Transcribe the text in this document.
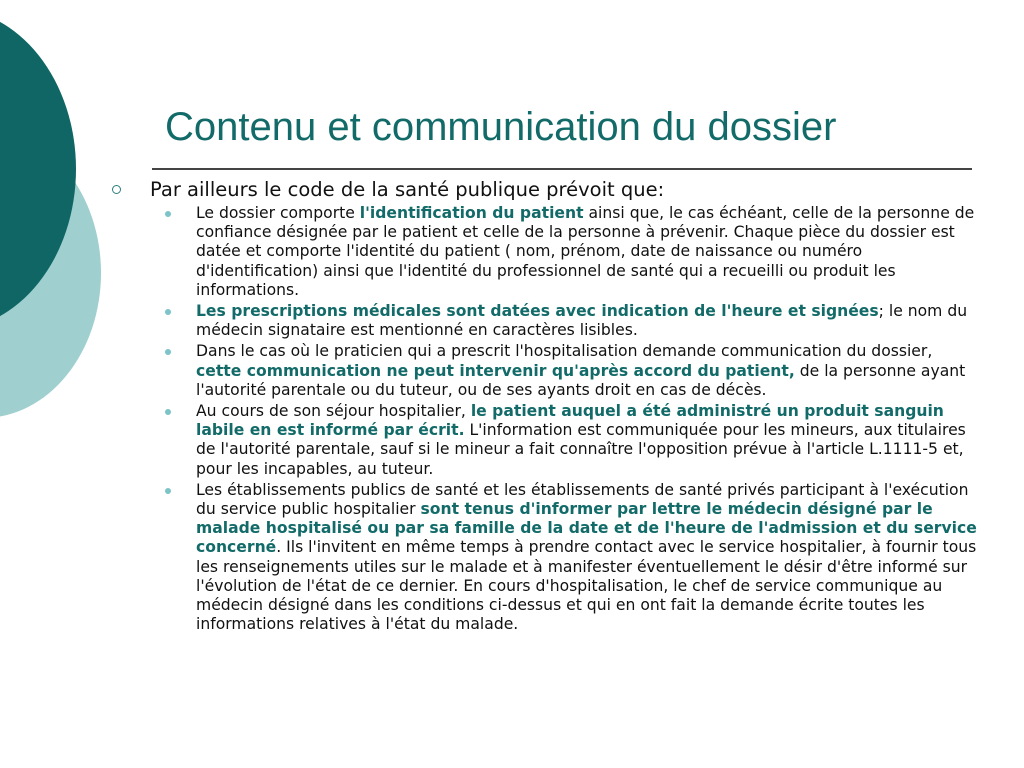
Contenu et communication du dossier
Par ailleurs le code de la santé publique prévoit que:
Le dossier comporte l'identification du patient ainsi que, le cas échéant, celle de la personne de confiance désignée par le patient et celle de la personne à prévenir. Chaque pièce du dossier est datée et comporte l'identité du patient ( nom, prénom, date de naissance ou numéro d'identification) ainsi que l'identité du professionnel de santé qui a recueilli ou produit les informations.
Les prescriptions médicales sont datées avec indication de l'heure et signées; le nom du médecin signataire est mentionné en caractères lisibles.
Dans le cas où le praticien qui a prescrit l'hospitalisation demande communication du dossier, cette communication ne peut intervenir qu'après accord du patient, de la personne ayant l'autorité parentale ou du tuteur, ou de ses ayants droit en cas de décès.
Au cours de son séjour hospitalier, le patient auquel a été administré un produit sanguin labile en est informé par écrit. L'information est communiquée pour les mineurs, aux titulaires de l'autorité parentale, sauf si le mineur a fait connaître l'opposition prévue à l'article L.1111-5 et, pour les incapables, au tuteur.
Les établissements publics de santé et les établissements de santé privés participant à l'exécution du service public hospitalier sont tenus d'informer par lettre le médecin désigné par le malade hospitalisé ou par sa famille de la date et de l'heure de l'admission et du service concerné. Ils l'invitent en même temps à prendre contact avec le service hospitalier, à fournir tous les renseignements utiles sur le malade et à manifester éventuellement le désir d'être informé sur l'évolution de l'état de ce dernier. En cours d'hospitalisation, le chef de service communique au médecin désigné dans les conditions ci-dessus et qui en ont fait la demande écrite toutes les informations relatives à l'état du malade.
